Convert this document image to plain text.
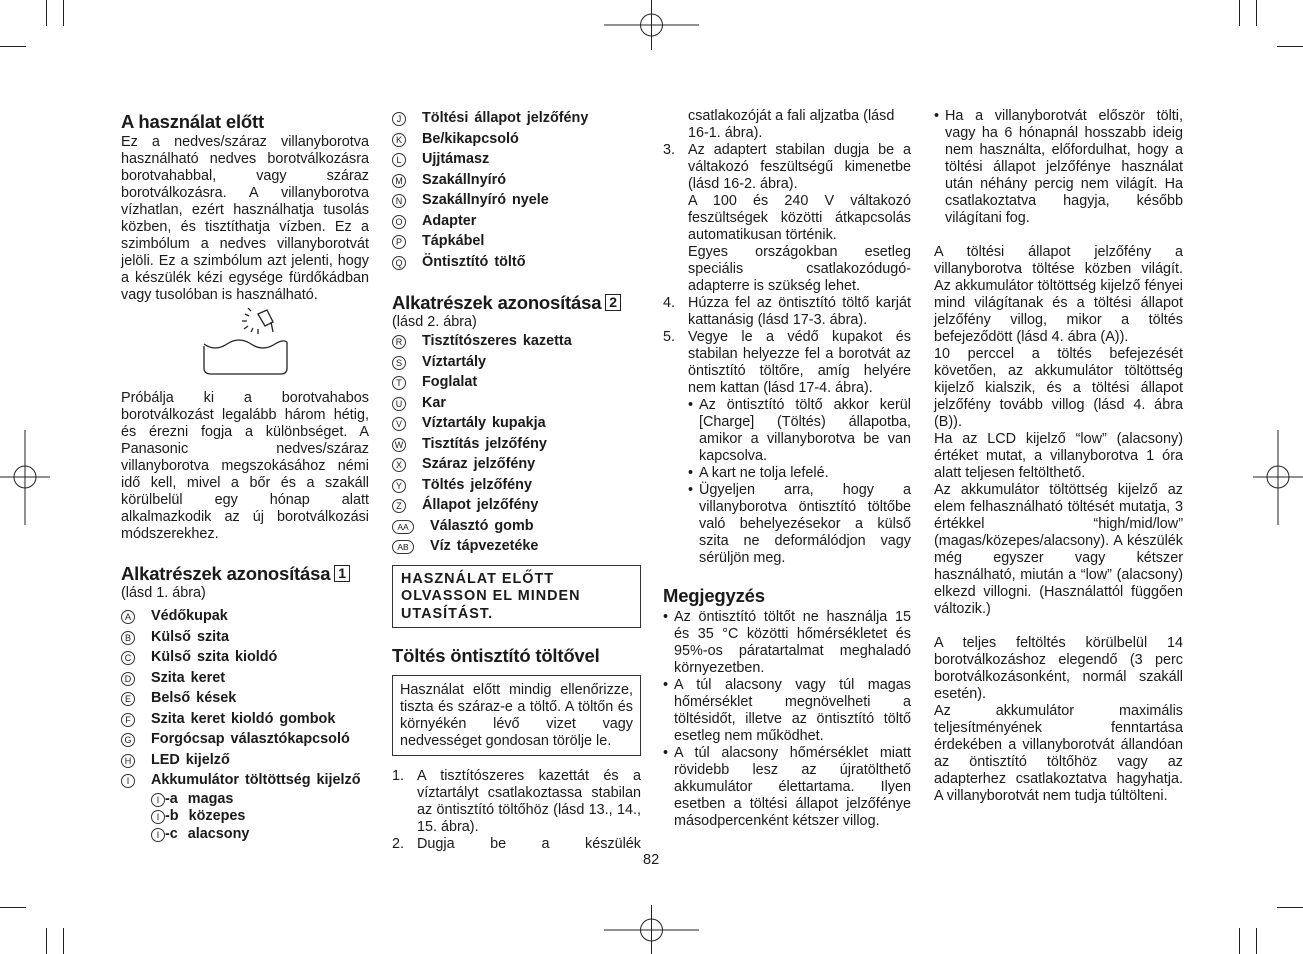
A használat előtt

Ez a nedves/száraz villanyborotva használható nedves borotválkozásra borotvahabbal, vagy száraz borotválkozásra. A villanyborotva vízhatlan, ezért használhatja tusolás közben, és tisztíthatja vízben. Ez a szimbólum a nedves villanyborotvát jelöli. Ez a szimbólum azt jelenti, hogy a készülék kézi egysége fürdőkádban vagy tusolóban is használható.

Próbálja ki a borotvahabos borotválkozást legalább három hétig, és érezni fogja a különbséget. A Panasonic nedves/száraz villanyborotva megszokásához némi idő kell, mivel a bőr és a szakáll körülbelül egy hónap alatt alkalmazkodik az új borotválkozási módszerekhez.

Alkatrészek azonosítása 1

(lásd 1. ábra)

A Védőkupak
B Külső szita
C Külső szita kioldó
D Szita keret
E Belső kések
F Szita keret kioldó gombok
G Forgócsap választókapcsoló
H LED kijelző
I	Akkumulátor töltöttség kijelző
I -a magas
I -b közepes
I -c alacsony
J	Töltési állapot jelzőfény
K Be/kikapcsoló
L	Ujjtámasz
M Szakállnyíró
N Szakállnyíró nyele
O Adapter
P Tápkábel
Q Öntisztító töltő
Alkatrészek azonosítása 2

(lásd 2. ábra)

R Tisztítószeres kazetta
S Víztartály
T Foglalat
U Kar
V Víztartály kupakja
W Tisztítás jelzőfény
X Száraz jelzőfény
Y Töltés jelzőfény
Z Állapot jelzőfény
AA	Választó gomb
AB	Víz tápvezetéke
HASZNÁLAT ELŐTT OLVASSON EL MINDEN UTASÍTÁST.
Töltés öntisztító töltővel
Használat előtt mindig ellenőrizze, tiszta és száraz-e a töltő. A töltőn és környékén lévő vizet vagy nedvességet gondosan törölje le.
1. A tisztítószeres kazettát és a víztartályt csatlakoztassa stabilan az öntisztító töltőhöz (lásd 13., 14., 15. ábra).
2. Dugja be a készülék
csatlakozóját a fali aljzatba (lásd 16-1. ábra).
3. Az adaptert stabilan dugja be a váltakozó feszültségű kimenetbe (lásd 16-2. ábra).
A 100 és 240 V váltakozó feszültségek közötti átkapcsolás automatikusan történik.
Egyes országokban esetleg speciális csatlakozódugó-adapterre is szükség lehet.
4. Húzza fel az öntisztító töltő karját kattanásig (lásd 17-3. ábra).
5. Vegye le a védő kupakot és stabilan helyezze fel a borotvát az öntisztító töltőre, amíg helyére nem kattan (lásd 17-4. ábra).
• Az öntisztító töltő akkor kerül [Charge] (Töltés) állapotba, amikor a villanyborotva be van kapcsolva.
• A kart ne tolja lefelé.
• Ügyeljen arra, hogy a villanyborotva öntisztító töltőbe való behelyezésekor a külső szita ne deformálódjon vagy sérüljön meg.
Megjegyzés
• Az öntisztító töltőt ne használja 15 és 35 °C közötti hőmérsékletet és 95%-os páratartalmat meghaladó környezetben.
• A túl alacsony vagy túl magas hőmérséklet megnövelheti a töltésidőt, illetve az öntisztító töltő esetleg nem működhet.
• A túl alacsony hőmérséklet miatt rövidebb lesz az újratölthető akkumulátor élettartama. Ilyen esetben a töltési állapot jelzőfénye másodpercenként kétszer villog.
• Ha a villanyborotvát először tölti, vagy ha 6 hónapnál hosszabb ideig nem használta, előfordulhat, hogy a töltési állapot jelzőfénye használat után néhány percig nem világít. Ha csatlakoztatva hagyja, később világítani fog.

A töltési állapot jelzőfény a villanyborotva töltése közben világít. Az akkumulátor töltöttség kijelző fényei mind világítanak és a töltési állapot jelzőfény villog, mikor a töltés befejeződött (lásd 4. ábra (A)).

10 perccel a töltés befejezését követően, az akkumulátor töltöttség kijelző kialszik, és a töltési állapot jelzőfény tovább villog (lásd 4. ábra (B)).

Ha az LCD kijelző “low” (alacsony) értéket mutat, a villanyborotva 1 óra alatt teljesen feltölthető.

Az akkumulátor töltöttség kijelző az elem felhasználható töltését mutatja, 3 értékkel “high/mid/low” (magas/közepes/alacsony). A készülék még egyszer vagy kétszer használható, miután a “low” (alacsony) elkezd villogni. (Használattól függően változik.)

A teljes feltöltés körülbelül 14 borotválkozáshoz elegendő (3 perc borotválkozásonként, normál szakáll esetén).

Az akkumulátor maximális teljesítményének fenntartása érdekében a villanyborotvát állandóan az öntisztító töltőhöz vagy az adapterhez csatlakoztatva hagyhatja. A villanyborotvát nem tudja túltölteni.

82
